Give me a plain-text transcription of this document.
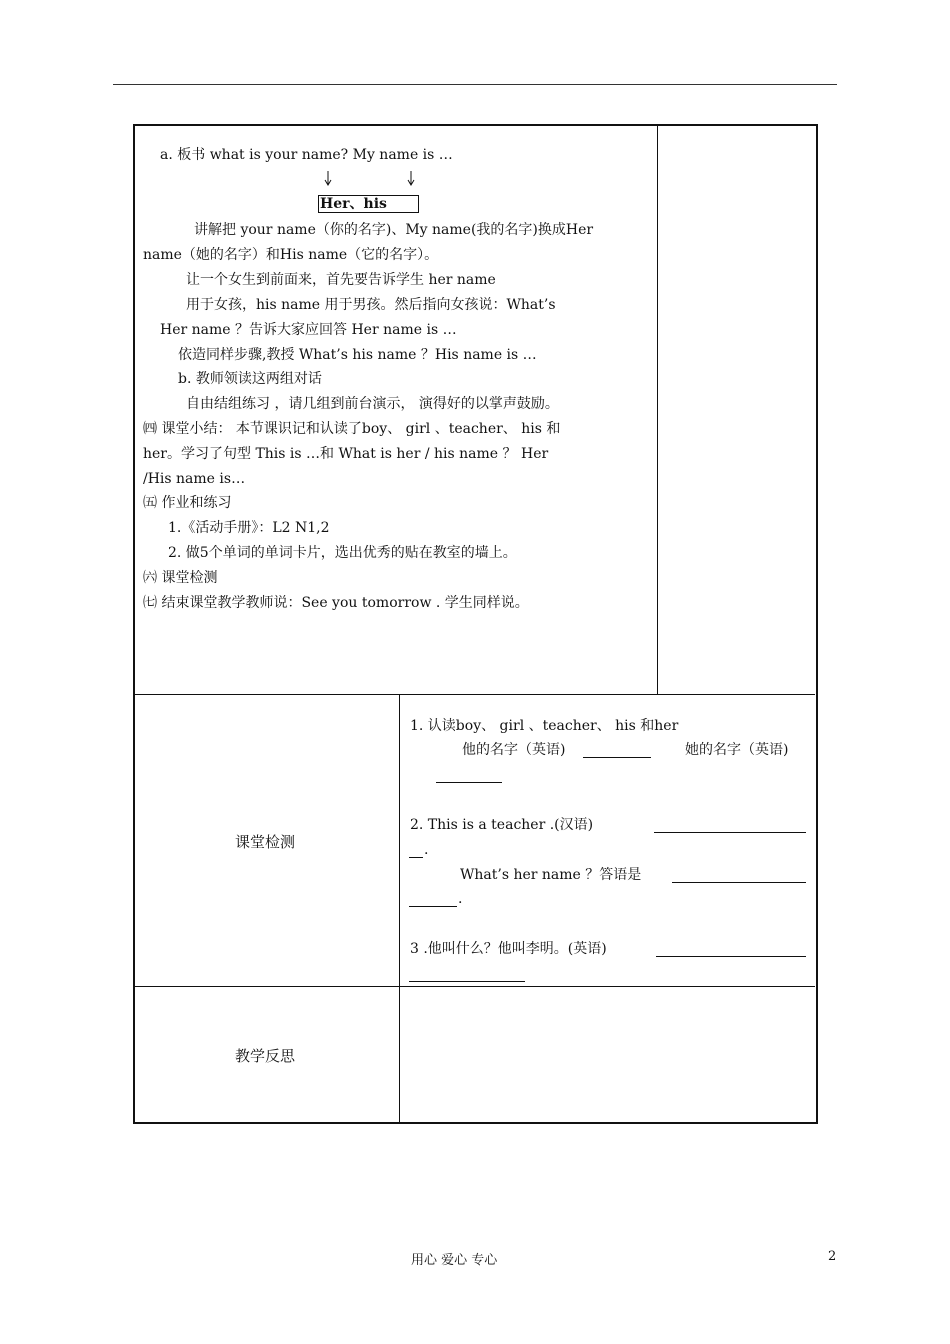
a. 板书 what is your name? My name is …
Her、his
讲解把 your name（你的名字)、My name(我的名字)换成Her
name（她的名字）和His name（它的名字）。
让一个女生到前面来，首先要告诉学生 her name
用于女孩，his name 用于男孩。然后指向女孩说：What’s
Her name ？告诉大家应回答 Her name is …
依造同样步骤,教授 What’s his name ？His name is …
b. 教师领读这两组对话
自由结组练习 ，请几组到前台演示， 演得好的以掌声鼓励。
㈣ 课堂小结： 本节课识记和认读了boy、 girl 、teacher、 his 和
her。学习了句型 This is …和 What is her / his name ？ Her
/His name is…
㈤ 作业和练习
1.《活动手册》：L2 N1,2
2. 做5个单词的单词卡片，选出优秀的贴在教室的墙上。
㈥ 课堂检测
㈦ 结束课堂教学教师说：See you tomorrow . 学生同样说。
课堂检测
1. 认读boy、 girl 、teacher、 his 和her
他的名字（英语)	她的名字（英语)
2. This is a teacher .(汉语)
.
What’s her name ？答语是
.
3 .他叫什么？他叫李明。(英语)
教学反思
用心 爱心 专心	2
